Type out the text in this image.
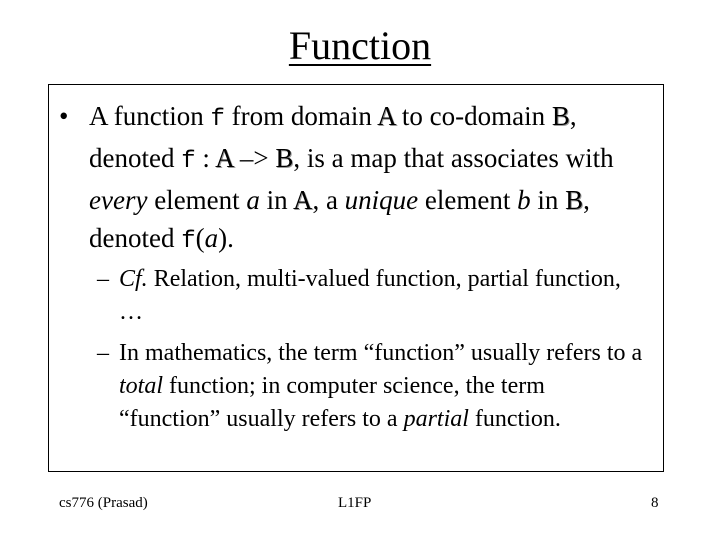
Function
• A function f from domain A to co-domain B, denoted f : A –> B, is a map that associates with every element a in A, a unique element b in B, denoted f(a).
– Cf. Relation, multi-valued function, partial function, …
– In mathematics, the term “function” usually refers to a total function; in computer science, the term “function” usually refers to a partial function.
cs776 (Prasad)	L1FP	8
